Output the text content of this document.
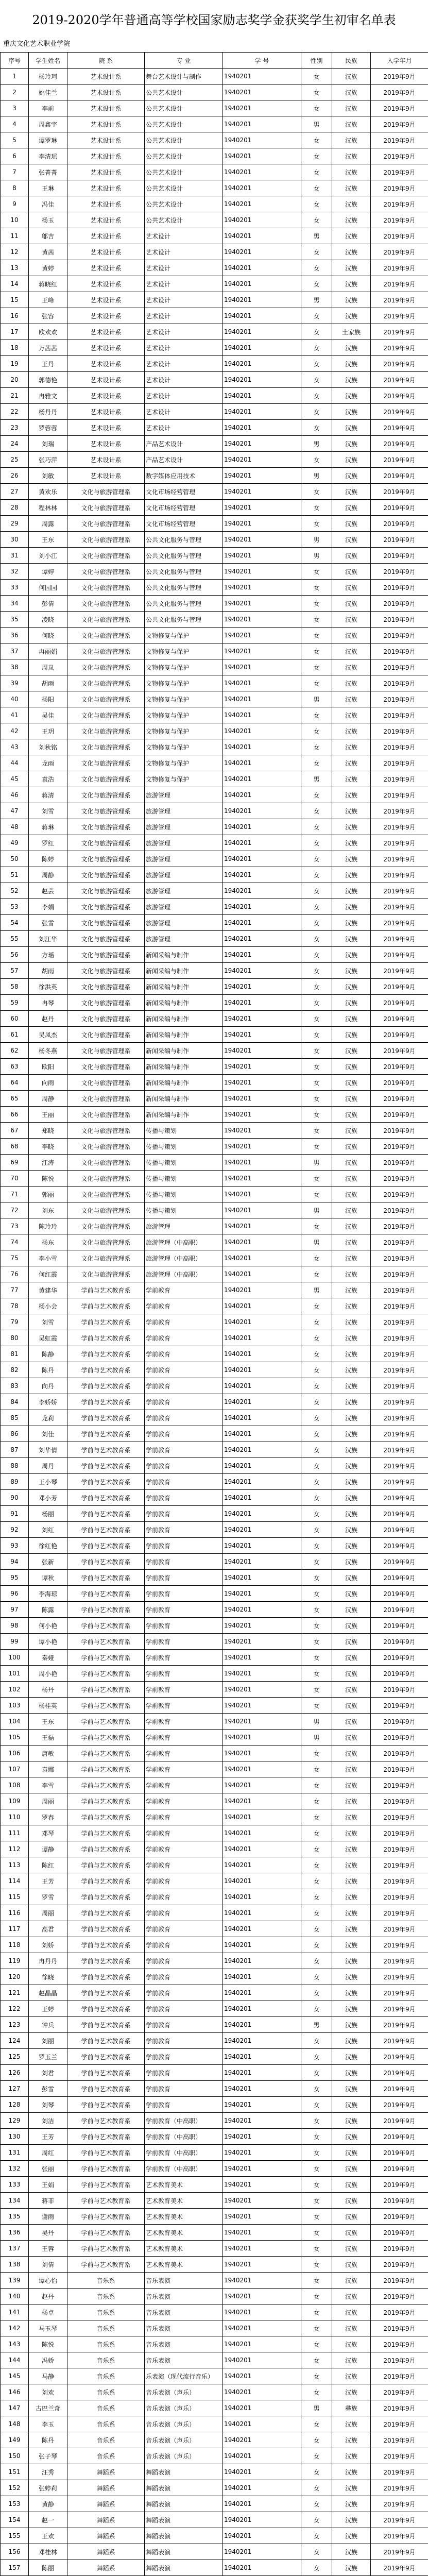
2019-2020学年普通高等学校国家励志奖学金获奖学生初审名单表
重庆文化艺术职业学院
序号	学生姓名	院 系	专 业	学 号	性别	民族	入学年月
1	杨玲珂	艺术设计系	舞台艺术设计与制作	1940201	女	汉族	2019年9月
2	姚佳兰	艺术设计系	公共艺术设计	1940201	女	汉族	2019年9月
3	李前	艺术设计系	公共艺术设计	1940201	女	汉族	2019年9月
4	周鑫宇	艺术设计系	公共艺术设计	1940201	男	汉族	2019年9月
5	谭罗琳	艺术设计系	公共艺术设计	1940201	女	汉族	2019年9月
6	李清瑶	艺术设计系	公共艺术设计	1940201	女	汉族	2019年9月
7	张菁菁	艺术设计系	公共艺术设计	1940201	女	汉族	2019年9月
8	王琳	艺术设计系	公共艺术设计	1940201	女	汉族	2019年9月
9	冯佳	艺术设计系	公共艺术设计	1940201	女	汉族	2019年9月
10	杨玉	艺术设计系	公共艺术设计	1940201	女	汉族	2019年9月
11	邬吉	艺术设计系	艺术设计	1940201	男	汉族	2019年9月
12	黄茜	艺术设计系	艺术设计	1940201	女	汉族	2019年9月
13	黄婷	艺术设计系	艺术设计	1940201	女	汉族	2019年9月
14	蒋晓红	艺术设计系	艺术设计	1940201	女	汉族	2019年9月
15	王峰	艺术设计系	艺术设计	1940201	男	汉族	2019年9月
16	张容	艺术设计系	艺术设计	1940201	女	汉族	2019年9月
17	欧欢欢	艺术设计系	艺术设计	1940201	女	土家族	2019年9月
18	万茜茜	艺术设计系	艺术设计	1940201	女	汉族	2019年9月
19	王丹	艺术设计系	艺术设计	1940201	女	汉族	2019年9月
20	郭德艳	艺术设计系	艺术设计	1940201	女	汉族	2019年9月
21	冉雅文	艺术设计系	艺术设计	1940201	女	汉族	2019年9月
22	杨丹丹	艺术设计系	艺术设计	1940201	女	汉族	2019年9月
23	罗蓉蓉	艺术设计系	艺术设计	1940201	女	汉族	2019年9月
24	刘瑞	艺术设计系	产品艺术设计	1940201	男	汉族	2019年9月
25	张巧萍	艺术设计系	产品艺术设计	1940201	女	汉族	2019年9月
26	刘敏	艺术设计系	数字媒体应用技术	1940201	男	汉族	2019年9月
27	黄欢乐	文化与旅游管理系	文化市场经营管理	1940201	女	汉族	2019年9月
28	程林林	文化与旅游管理系	文化市场经营管理	1940201	女	汉族	2019年9月
29	周露	文化与旅游管理系	文化市场经营管理	1940201	女	汉族	2019年9月
30	王东	文化与旅游管理系	公共文化服务与管理	1940201	男	汉族	2019年9月
31	刘小江	文化与旅游管理系	公共文化服务与管理	1940201	男	汉族	2019年9月
32	谭婷	文化与旅游管理系	公共文化服务与管理	1940201	女	汉族	2019年9月
33	何园园	文化与旅游管理系	公共文化服务与管理	1940201	女	汉族	2019年9月
34	彭倩	文化与旅游管理系	公共文化服务与管理	1940201	女	汉族	2019年9月
35	凌晓	文化与旅游管理系	公共文化服务与管理	1940201	女	汉族	2019年9月
36	何晓	文化与旅游管理系	文物修复与保护	1940201	女	汉族	2019年9月
37	冉丽娟	文化与旅游管理系	文物修复与保护	1940201	女	汉族	2019年9月
38	周岚	文化与旅游管理系	文物修复与保护	1940201	女	汉族	2019年9月
39	胡雨	文化与旅游管理系	文物修复与保护	1940201	女	汉族	2019年9月
40	杨阳	文化与旅游管理系	文物修复与保护	1940201	男	汉族	2019年9月
41	吴佳	文化与旅游管理系	文物修复与保护	1940201	女	汉族	2019年9月
42	王玥	文化与旅游管理系	文物修复与保护	1940201	女	汉族	2019年9月
43	刘秋铭	文化与旅游管理系	文物修复与保护	1940201	女	汉族	2019年9月
44	龙雨	文化与旅游管理系	文物修复与保护	1940201	女	汉族	2019年9月
45	袁浩	文化与旅游管理系	文物修复与保护	1940201	男	汉族	2019年9月
46	蒋清	文化与旅游管理系	旅游管理	1940201	女	汉族	2019年9月
47	刘雪	文化与旅游管理系	旅游管理	1940201	女	汉族	2019年9月
48	蒋琳	文化与旅游管理系	旅游管理	1940201	女	汉族	2019年9月
49	罗红	文化与旅游管理系	旅游管理	1940201	女	汉族	2019年9月
50	陈婷	文化与旅游管理系	旅游管理	1940201	女	汉族	2019年9月
51	周静	文化与旅游管理系	旅游管理	1940201	女	汉族	2019年9月
52	赵芸	文化与旅游管理系	旅游管理	1940201	女	汉族	2019年9月
53	李娟	文化与旅游管理系	旅游管理	1940201	女	汉族	2019年9月
54	张雪	文化与旅游管理系	旅游管理	1940201	女	汉族	2019年9月
55	刘江华	文化与旅游管理系	旅游管理	1940201	女	汉族	2019年9月
56	方瑶	文化与旅游管理系	新闻采编与制作	1940201	女	汉族	2019年9月
57	胡雨	文化与旅游管理系	新闻采编与制作	1940201	女	汉族	2019年9月
58	徐洪英	文化与旅游管理系	新闻采编与制作	1940201	女	汉族	2019年9月
59	冉琴	文化与旅游管理系	新闻采编与制作	1940201	女	汉族	2019年9月
60	赵丹	文化与旅游管理系	新闻采编与制作	1940201	女	汉族	2019年9月
61	吴凤杰	文化与旅游管理系	新闻采编与制作	1940201	女	汉族	2019年9月
62	杨冬燕	文化与旅游管理系	新闻采编与制作	1940201	女	汉族	2019年9月
63	欧阳	文化与旅游管理系	新闻采编与制作	1940201	女	汉族	2019年9月
64	向雨	文化与旅游管理系	新闻采编与制作	1940201	女	汉族	2019年9月
65	周静	文化与旅游管理系	新闻采编与制作	1940201	女	汉族	2019年9月
66	王丽	文化与旅游管理系	新闻采编与制作	1940201	女	汉族	2019年9月
67	郑晓	文化与旅游管理系	传播与策划	1940201	女	汉族	2019年9月
68	李晓	文化与旅游管理系	传播与策划	1940201	女	汉族	2019年9月
69	江涛	文化与旅游管理系	传播与策划	1940201	男	汉族	2019年9月
70	陈悦	文化与旅游管理系	传播与策划	1940201	女	汉族	2019年9月
71	郭丽	文化与旅游管理系	传播与策划	1940201	女	汉族	2019年9月
72	刘东	文化与旅游管理系	传播与策划	1940201	男	汉族	2019年9月
73	陈玲玲	文化与旅游管理系	旅游管理	1940201	女	汉族	2019年9月
74	杨东	文化与旅游管理系	旅游管理（中高职）	1940201	男	汉族	2019年9月
75	李小雪	文化与旅游管理系	旅游管理（中高职）	1940201	女	汉族	2019年9月
76	何红霞	文化与旅游管理系	旅游管理（中高职）	1940201	女	汉族	2019年9月
77	黄建华	学前与艺术教育系	学前教育	1940201	男	汉族	2019年9月
78	杨小会	学前与艺术教育系	学前教育	1940201	女	汉族	2019年9月
79	刘雪	学前与艺术教育系	学前教育	1940201	女	汉族	2019年9月
80	吴虹霞	学前与艺术教育系	学前教育	1940201	女	汉族	2019年9月
81	陈静	学前与艺术教育系	学前教育	1940201	女	汉族	2019年9月
82	陈丹	学前与艺术教育系	学前教育	1940201	女	汉族	2019年9月
83	向丹	学前与艺术教育系	学前教育	1940201	女	汉族	2019年9月
84	李娇娇	学前与艺术教育系	学前教育	1940201	女	汉族	2019年9月
85	龙莉	学前与艺术教育系	学前教育	1940201	女	汉族	2019年9月
86	刘佳	学前与艺术教育系	学前教育	1940201	女	汉族	2019年9月
87	刘华倩	学前与艺术教育系	学前教育	1940201	女	汉族	2019年9月
88	周丹	学前与艺术教育系	学前教育	1940201	女	汉族	2019年9月
89	王小琴	学前与艺术教育系	学前教育	1940201	女	汉族	2019年9月
90	邓小芳	学前与艺术教育系	学前教育	1940201	女	汉族	2019年9月
91	杨丽	学前与艺术教育系	学前教育	1940201	女	汉族	2019年9月
92	刘红	学前与艺术教育系	学前教育	1940201	女	汉族	2019年9月
93	徐红艳	学前与艺术教育系	学前教育	1940201	女	汉族	2019年9月
94	张新	学前与艺术教育系	学前教育	1940201	女	汉族	2019年9月
95	谭秋	学前与艺术教育系	学前教育	1940201	女	汉族	2019年9月
96	李海琼	学前与艺术教育系	学前教育	1940201	女	汉族	2019年9月
97	陈露	学前与艺术教育系	学前教育	1940201	女	汉族	2019年9月
98	何小艳	学前与艺术教育系	学前教育	1940201	女	汉族	2019年9月
99	谭小艳	学前与艺术教育系	学前教育	1940201	女	汉族	2019年9月
100	秦娅	学前与艺术教育系	学前教育	1940201	女	汉族	2019年9月
101	周小艳	学前与艺术教育系	学前教育	1940201	女	汉族	2019年9月
102	杨丹	学前与艺术教育系	学前教育	1940201	女	汉族	2019年9月
103	杨桂英	学前与艺术教育系	学前教育	1940201	女	汉族	2019年9月
104	王东	学前与艺术教育系	学前教育	1940201	男	汉族	2019年9月
105	王磊	学前与艺术教育系	学前教育	1940201	男	汉族	2019年9月
106	唐敏	学前与艺术教育系	学前教育	1940201	女	汉族	2019年9月
107	袁娜	学前与艺术教育系	学前教育	1940201	女	汉族	2019年9月
108	李雪	学前与艺术教育系	学前教育	1940201	女	汉族	2019年9月
109	周丽	学前与艺术教育系	学前教育	1940201	女	汉族	2019年9月
110	罗春	学前与艺术教育系	学前教育	1940201	女	汉族	2019年9月
111	邓琴	学前与艺术教育系	学前教育	1940201	女	汉族	2019年9月
112	谭静	学前与艺术教育系	学前教育	1940201	女	汉族	2019年9月
113	陈红	学前与艺术教育系	学前教育	1940201	女	汉族	2019年9月
114	王芳	学前与艺术教育系	学前教育	1940201	女	汉族	2019年9月
115	罗雪	学前与艺术教育系	学前教育	1940201	女	汉族	2019年9月
116	周丽	学前与艺术教育系	学前教育	1940201	女	汉族	2019年9月
117	高君	学前与艺术教育系	学前教育	1940201	女	汉族	2019年9月
118	刘娇	学前与艺术教育系	学前教育	1940201	女	汉族	2019年9月
119	冉丹丹	学前与艺术教育系	学前教育	1940201	女	汉族	2019年9月
120	徐晓	学前与艺术教育系	学前教育	1940201	女	汉族	2019年9月
121	赵晶晶	学前与艺术教育系	学前教育	1940201	女	汉族	2019年9月
122	王婷	学前与艺术教育系	学前教育	1940201	女	汉族	2019年9月
123	钟兵	学前与艺术教育系	学前教育	1940201	男	汉族	2019年9月
124	刘丽	学前与艺术教育系	学前教育	1940201	女	汉族	2019年9月
125	罗玉兰	学前与艺术教育系	学前教育	1940201	女	汉族	2019年9月
126	刘君	学前与艺术教育系	学前教育	1940201	女	汉族	2019年9月
127	彭雪	学前与艺术教育系	学前教育	1940201	女	汉族	2019年9月
128	刘琴	学前与艺术教育系	学前教育	1940201	女	汉族	2019年9月
129	刘洁	学前与艺术教育系	学前教育（中高职）	1940201	女	汉族	2019年9月
130	王芳	学前与艺术教育系	学前教育（中高职）	1940201	女	汉族	2019年9月
131	周红	学前与艺术教育系	学前教育（中高职）	1940201	女	汉族	2019年9月
132	张丽	学前与艺术教育系	学前教育（中高职）	1940201	女	汉族	2019年9月
133	王娟	学前与艺术教育系	艺术教育美术	1940201	女	汉族	2019年9月
134	蒋菲	学前与艺术教育系	艺术教育美术	1940201	女	汉族	2019年9月
135	谢雨	学前与艺术教育系	艺术教育美术	1940201	女	汉族	2019年9月
136	吴丹	学前与艺术教育系	艺术教育美术	1940201	女	汉族	2019年9月
137	王蓉	学前与艺术教育系	艺术教育美术	1940201	女	汉族	2019年9月
138	刘倩	学前与艺术教育系	艺术教育美术	1940201	女	汉族	2019年9月
139	谭心怡	音乐系	音乐表演	1940201	女	汉族	2019年9月
140	赵丹	音乐系	音乐表演	1940201	女	汉族	2019年9月
141	杨卓	音乐系	音乐表演	1940201	女	汉族	2019年9月
142	马玉琴	音乐系	音乐表演	1940201	女	汉族	2019年9月
143	陈悦	音乐系	音乐表演	1940201	女	汉族	2019年9月
144	冯娇	音乐系	音乐表演	1940201	女	汉族	2019年9月
145	马静	音乐系	乐表演（现代流行音乐）	1940201	女	汉族	2019年9月
146	刘欢	音乐系	音乐表演（声乐）	1940201	女	汉族	2019年9月
147	古巴兰奇	音乐系	音乐表演（声乐）	1940201	男	彝族	2019年9月
148	李玉	音乐系	音乐表演（声乐）	1940201	女	汉族	2019年9月
149	陈丹	音乐系	音乐表演（声乐）	1940201	女	汉族	2019年9月
150	张子琴	音乐系	音乐表演（声乐）	1940201	女	汉族	2019年9月
151	汪秀	舞蹈系	舞蹈表演	1940201	女	汉族	2019年9月
152	张婷莉	舞蹈系	舞蹈表演	1940201	女	汉族	2019年9月
153	黄静	舞蹈系	舞蹈表演	1940201	女	汉族	2019年9月
154	赵一	舞蹈系	舞蹈表演	1940201	女	汉族	2019年9月
155	王欢	舞蹈系	舞蹈表演	1940201	女	汉族	2019年9月
156	邓桂林	舞蹈系	舞蹈表演	1940201	女	汉族	2019年9月
157	陈丽	舞蹈系	舞蹈表演	1940201	女	汉族	2019年9月
